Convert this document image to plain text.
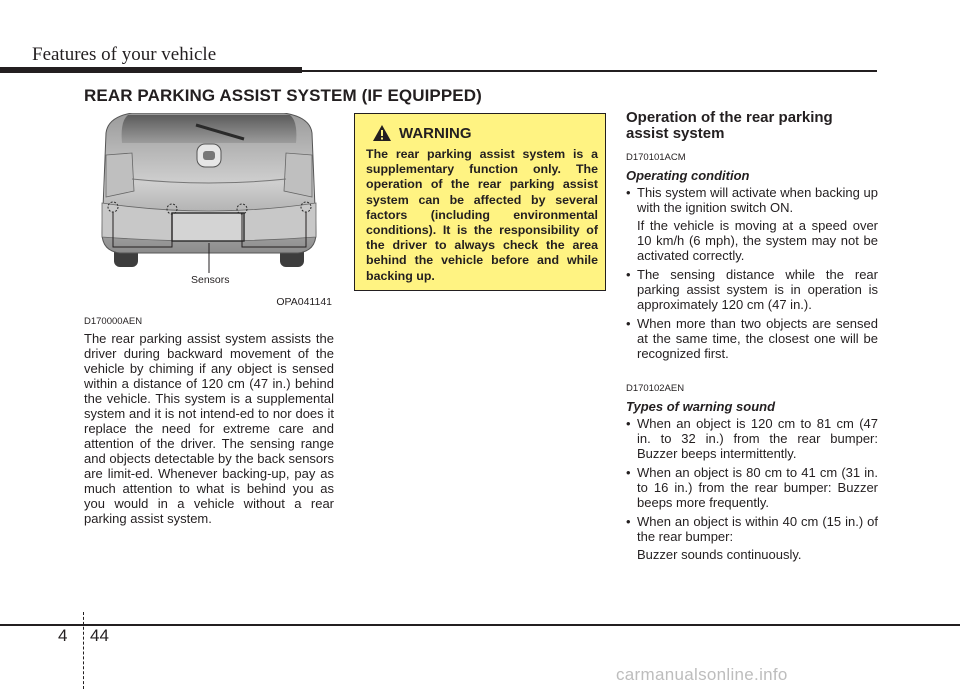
Features of your vehicle
REAR PARKING ASSIST SYSTEM (IF EQUIPPED)
Sensors
OPA041141
D170000AEN

The rear parking assist system assists the driver during backward movement of the vehicle by chiming if any object is sensed within a distance of 120 cm (47 in.) behind the vehicle. This system is a supplemental system and it is not intend-ed to nor does it replace the need for extreme care and attention of the driver. The sensing range and objects detectable by the back sensors are limit-ed. Whenever backing-up, pay as much attention to what is behind you as you would in a vehicle without a rear parking assist system.

WARNING

The rear parking assist system is a supplementary function only. The operation of the rear parking assist system can be affected by several factors (including environmental conditions). It is the responsibility of the driver to always check the area behind the vehicle before and while backing up.

Operation of the rear parking assist system
D170101ACM
Operating condition
• This system will activate when backing up with the ignition switch ON.
If the vehicle is moving at a speed over 10 km/h (6 mph), the system may not be activated correctly.
• The sensing distance while the rear parking assist system is in operation is approximately 120 cm (47 in.).
• When more than two objects are sensed at the same time, the closest one will be recognized first.
D170102AEN
Types of warning sound
• When an object is 120 cm to 81 cm (47 in. to 32 in.) from the rear bumper: Buzzer beeps intermittently.
• When an object is 80 cm to 41 cm (31 in. to 16 in.) from the rear bumper: Buzzer beeps more frequently.
• When an object is within 40 cm (15 in.) of the rear bumper:
Buzzer sounds continuously.
4 44
carmanualsonline.info
